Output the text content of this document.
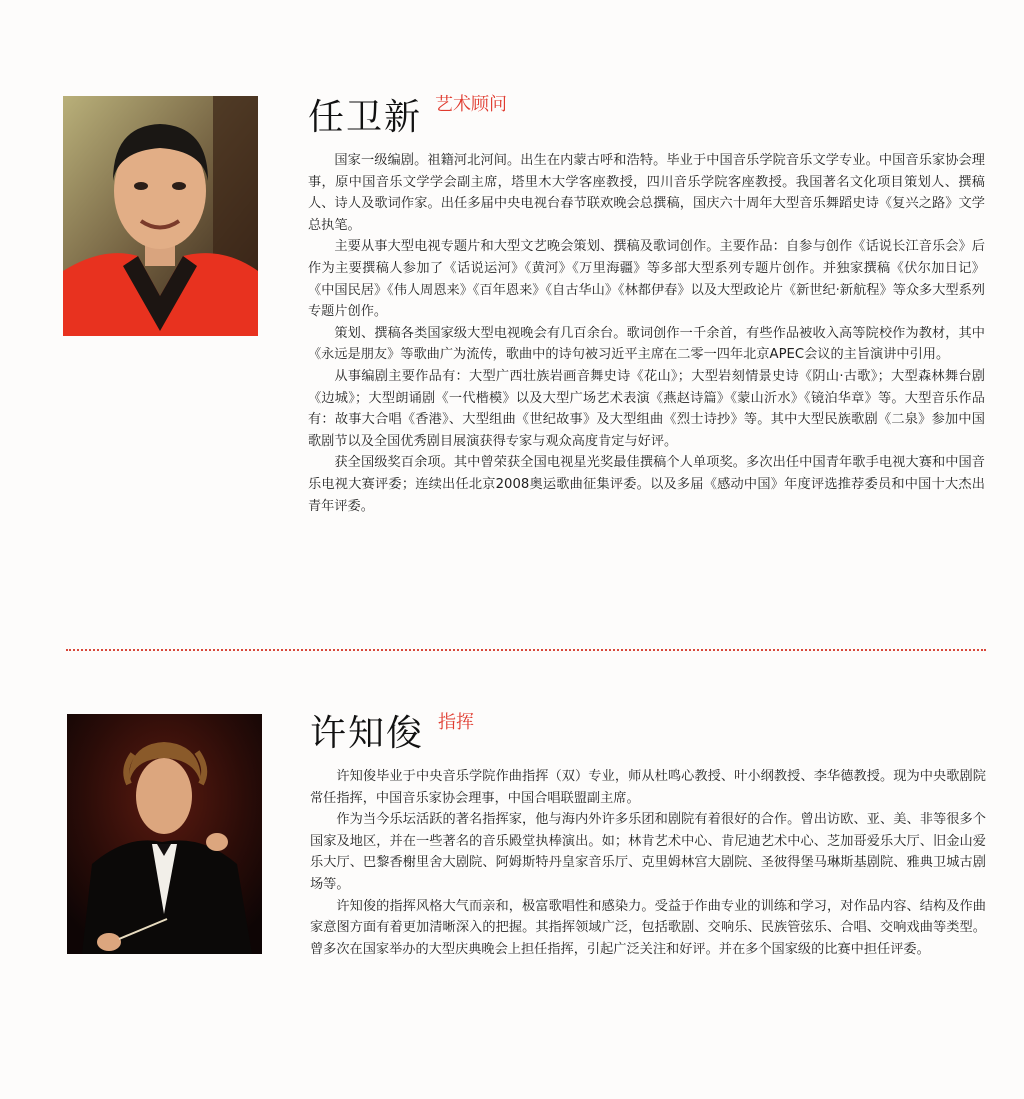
任卫新 艺术顾问

国家一级编剧。祖籍河北河间。出生在内蒙古呼和浩特。毕业于中国音乐学院音乐文学专业。中国音乐家协会理事，原中国音乐文学学会副主席，塔里木大学客座教授，四川音乐学院客座教授。我国著名文化项目策划人、撰稿人、诗人及歌词作家。出任多届中央电视台春节联欢晚会总撰稿，国庆六十周年大型音乐舞蹈史诗《复兴之路》文学总执笔。

主要从事大型电视专题片和大型文艺晚会策划、撰稿及歌词创作。主要作品：自参与创作《话说长江音乐会》后作为主要撰稿人参加了《话说运河》《黄河》《万里海疆》等多部大型系列专题片创作。并独家撰稿《伏尔加日记》《中国民居》《伟人周恩来》《百年恩来》《自古华山》《林都伊春》以及大型政论片《新世纪·新航程》等众多大型系列专题片创作。

策划、撰稿各类国家级大型电视晚会有几百余台。歌词创作一千余首，有些作品被收入高等院校作为教材，其中《永远是朋友》等歌曲广为流传，歌曲中的诗句被习近平主席在二零一四年北京APEC会议的主旨演讲中引用。

从事编剧主要作品有：大型广西壮族岩画音舞史诗《花山》；大型岩刻情景史诗《阴山·古歌》；大型森林舞台剧《边城》；大型朗诵剧《一代楷模》以及大型广场艺术表演《燕赵诗篇》《蒙山沂水》《镜泊华章》等。大型音乐作品有：故事大合唱《香港》、大型组曲《世纪故事》及大型组曲《烈士诗抄》等。其中大型民族歌剧《二泉》参加中国歌剧节以及全国优秀剧目展演获得专家与观众高度肯定与好评。

获全国级奖百余项。其中曾荣获全国电视星光奖最佳撰稿个人单项奖。多次出任中国青年歌手电视大赛和中国音乐电视大赛评委；连续出任北京2008奥运歌曲征集评委。以及多届《感动中国》年度评选推荐委员和中国十大杰出青年评委。

许知俊 指挥

许知俊毕业于中央音乐学院作曲指挥（双）专业，师从杜鸣心教授、叶小纲教授、李华德教授。现为中央歌剧院常任指挥，中国音乐家协会理事，中国合唱联盟副主席。

作为当今乐坛活跃的著名指挥家，他与海内外许多乐团和剧院有着很好的合作。曾出访欧、亚、美、非等很多个国家及地区，并在一些著名的音乐殿堂执棒演出。如；林肯艺术中心、肯尼迪艺术中心、芝加哥爱乐大厅、旧金山爱乐大厅、巴黎香榭里舍大剧院、阿姆斯特丹皇家音乐厅、克里姆林宫大剧院、圣彼得堡马琳斯基剧院、雅典卫城古剧场等。

许知俊的指挥风格大气而亲和，极富歌唱性和感染力。受益于作曲专业的训练和学习，对作品内容、结构及作曲家意图方面有着更加清晰深入的把握。其指挥领域广泛，包括歌剧、交响乐、民族管弦乐、合唱、交响戏曲等类型。曾多次在国家举办的大型庆典晚会上担任指挥，引起广泛关注和好评。并在多个国家级的比赛中担任评委。
